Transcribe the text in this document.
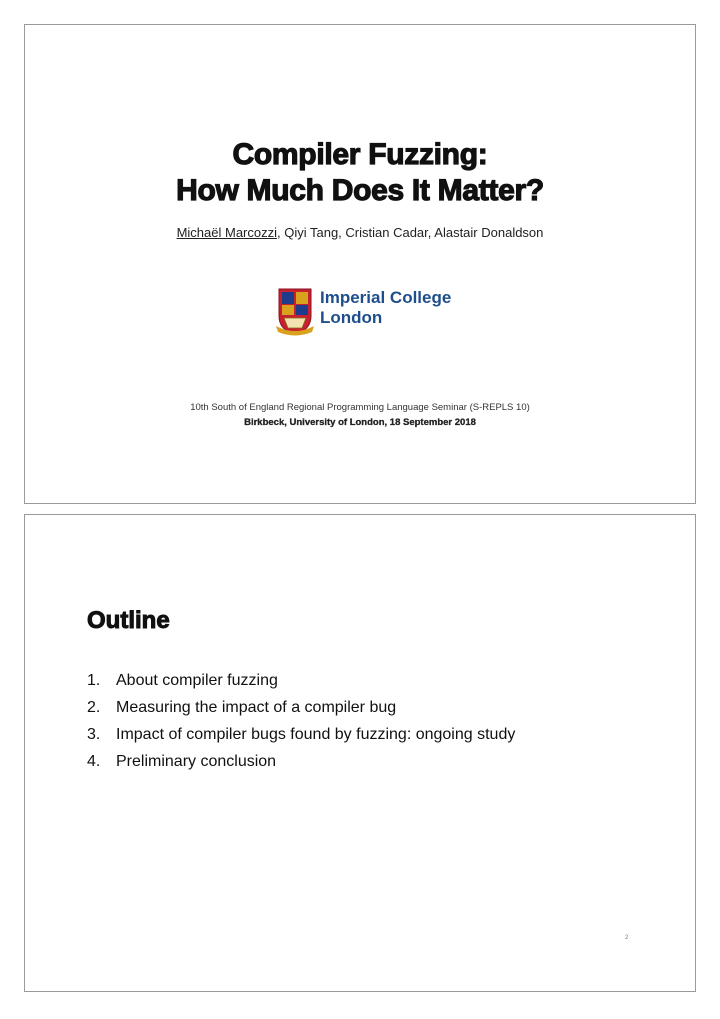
Compiler Fuzzing:
How Much Does It Matter?
Michaël Marcozzi, Qiyi Tang, Cristian Cadar, Alastair Donaldson
Imperial College
London
10th South of England Regional Programming Language Seminar (S-REPLS 10)
Birkbeck, University of London, 18 September 2018
Outline
1. About compiler fuzzing
2. Measuring the impact of a compiler bug
3. Impact of compiler bugs found by fuzzing: ongoing study
4. Preliminary conclusion
2
